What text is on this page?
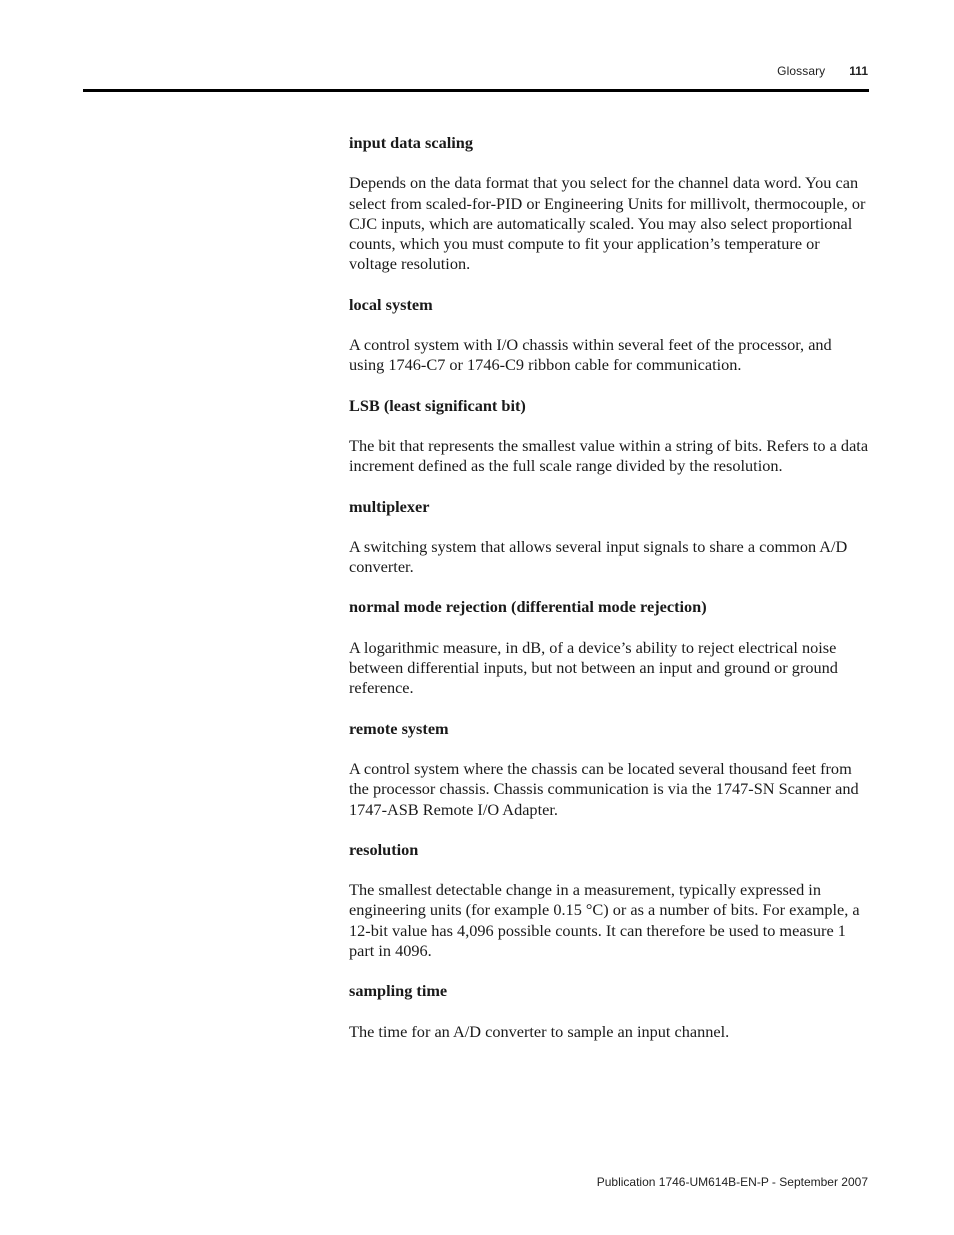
Glossary 111

input data scaling

Depends on the data format that you select for the channel data word. You can select from scaled-for-PID or Engineering Units for millivolt, thermocouple, or CJC inputs, which are automatically scaled. You may also select proportional counts, which you must compute to fit your application’s temperature or voltage resolution.

local system

A control system with I/O chassis within several feet of the processor, and using 1746-C7 or 1746-C9 ribbon cable for communication.

LSB (least significant bit)

The bit that represents the smallest value within a string of bits. Refers to a data increment defined as the full scale range divided by the resolution.

multiplexer

A switching system that allows several input signals to share a common A/D converter.

normal mode rejection (differential mode rejection)

A logarithmic measure, in dB, of a device’s ability to reject electrical noise between differential inputs, but not between an input and ground or ground reference.

remote system

A control system where the chassis can be located several thousand feet from the processor chassis. Chassis communication is via the 1747-SN Scanner and 1747-ASB Remote I/O Adapter.

resolution

The smallest detectable change in a measurement, typically expressed in engineering units (for example 0.15 °C) or as a number of bits. For example, a 12-bit value has 4,096 possible counts. It can therefore be used to measure 1 part in 4096.

sampling time

The time for an A/D converter to sample an input channel.

Publication 1746-UM614B-EN-P - September 2007
